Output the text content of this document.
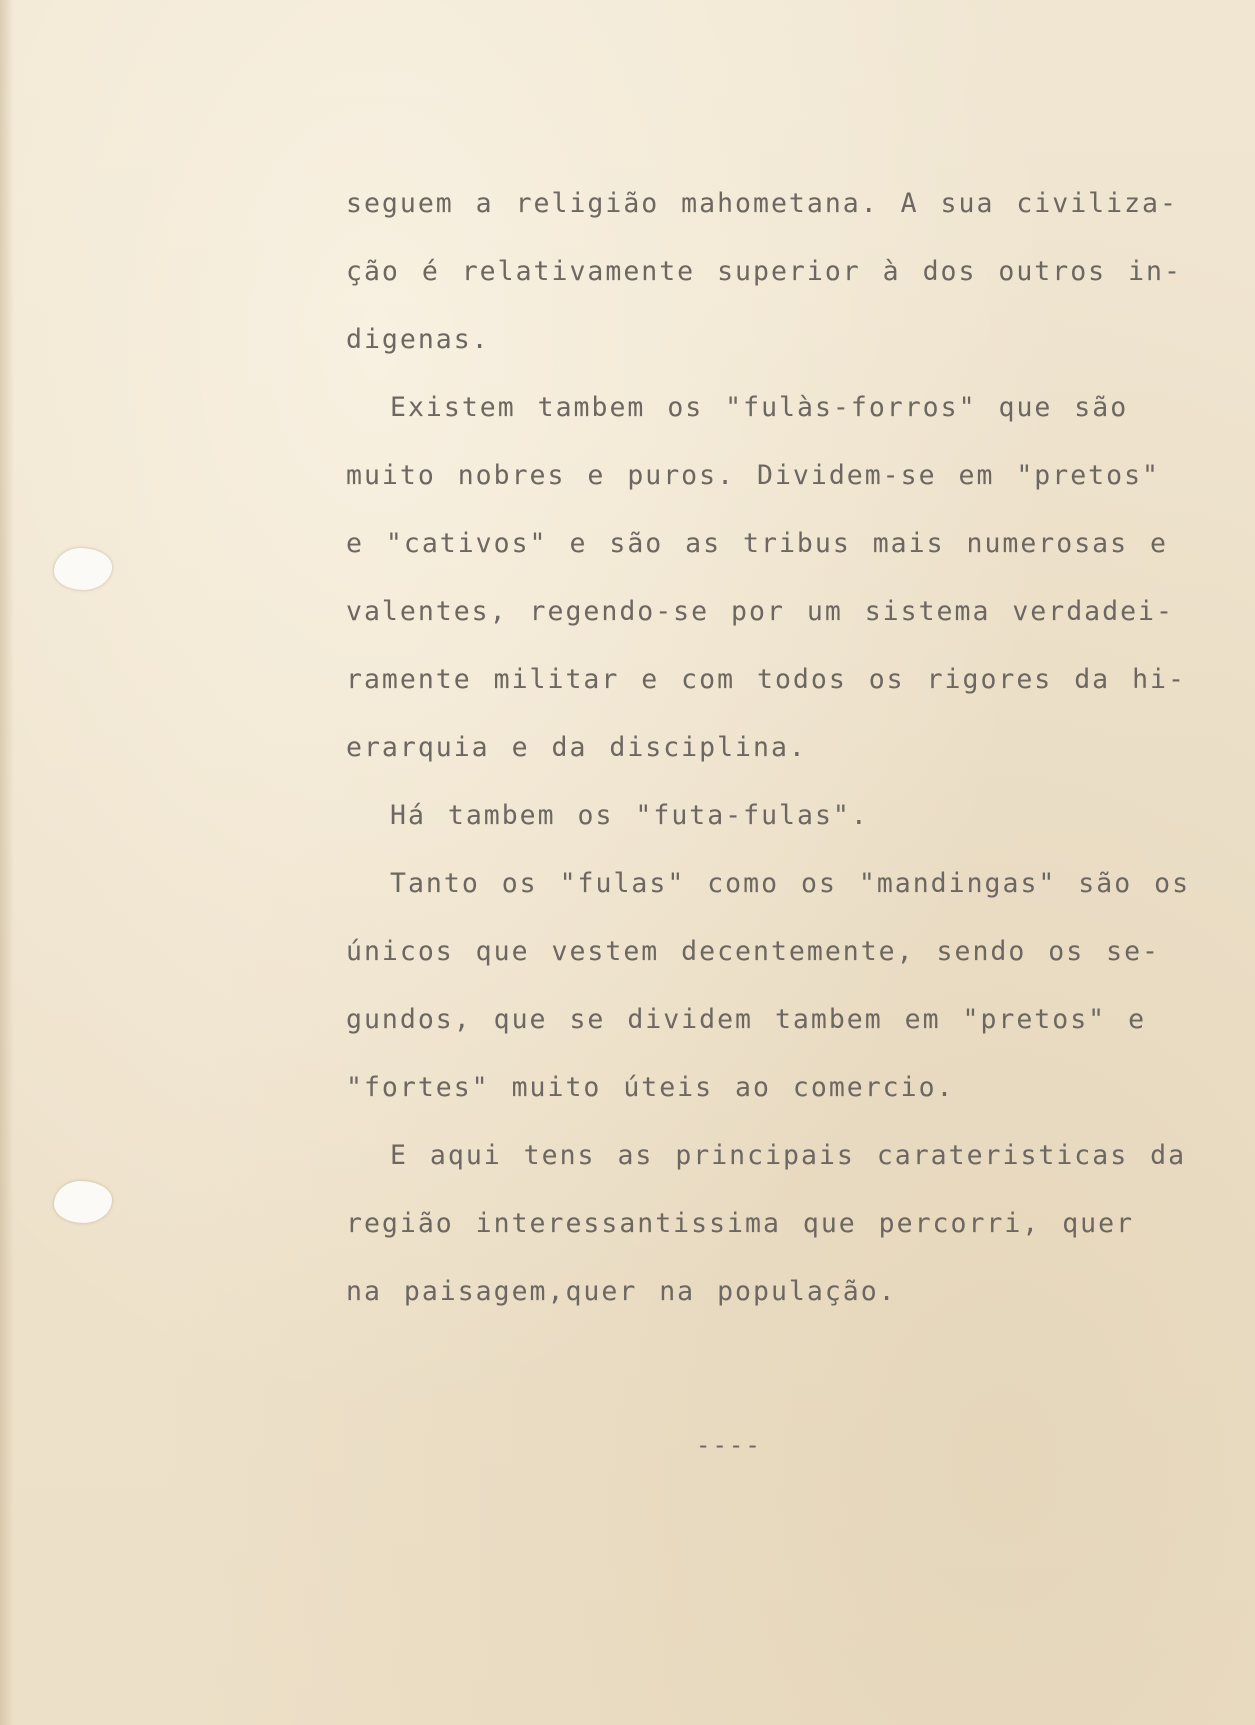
seguem a religião mahometana. A sua civiliza-
ção é relativamente superior à dos outros in-
digenas.
Existem tambem os "fulàs-forros" que são
muito nobres e puros. Dividem-se em "pretos"
e "cativos" e são as tribus mais numerosas e
valentes, regendo-se por um sistema verdadei-
ramente militar e com todos os rigores da hi-
erarquia e da disciplina.
Há tambem os "futa-fulas".
Tanto os "fulas" como os "mandingas" são os
únicos que vestem decentemente, sendo os se-
gundos, que se dividem tambem em "pretos" e
"fortes" muito úteis ao comercio.
E aqui tens as principais carateristicas da
região interessantissima que percorri, quer
na paisagem,quer na população.
----
